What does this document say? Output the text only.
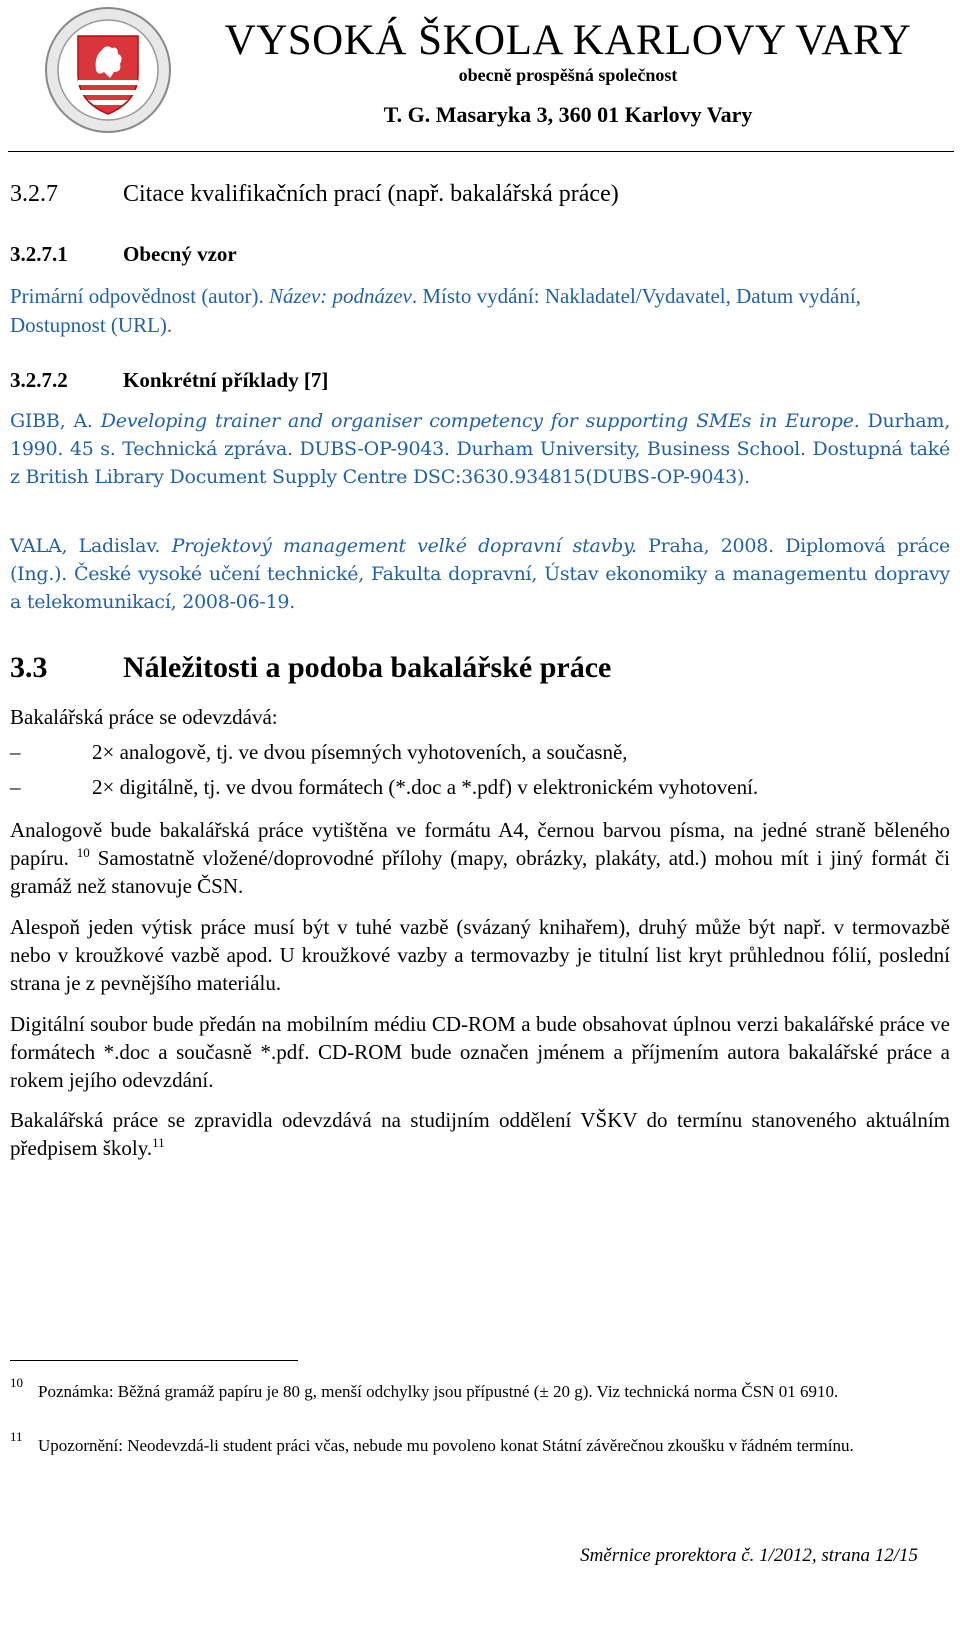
VYSOKÁ ŠKOLA KARLOVY VARY
obecně prospěšná společnost
T. G. Masaryka 3, 360 01 Karlovy Vary
3.2.7	Citace kvalifikačních prací (např. bakalářská práce)
3.2.7.1	Obecný vzor
Primární odpovědnost (autor). Název: podnázev. Místo vydání: Nakladatel/Vydavatel, Datum vydání, Dostupnost (URL).
3.2.7.2	Konkrétní příklady [7]
GIBB, A. Developing trainer and organiser competency for supporting SMEs in Europe. Durham, 1990. 45 s. Technická zpráva. DUBS-OP-9043. Durham University, Business School. Dostupná také z British Library Document Supply Centre DSC:3630.934815(DUBS-OP-9043).
VALA, Ladislav. Projektový management velké dopravní stavby. Praha, 2008. Diplomová práce (Ing.). České vysoké učení technické, Fakulta dopravní, Ústav ekonomiky a managementu dopravy a telekomunikací, 2008-06-19.
3.3	Náležitosti a podoba bakalářské práce
Bakalářská práce se odevzdává:
–	2× analogově, tj. ve dvou písemných vyhotoveních, a současně,
–	2× digitálně, tj. ve dvou formátech (*.doc a *.pdf) v elektronickém vyhotovení.
Analogově bude bakalářská práce vytištěna ve formátu A4, černou barvou písma, na jedné straně běleného papíru. $^{10}$ Samostatně vložené/doprovodné přílohy (mapy, obrázky, plakáty, atd.) mohou mít i jiný formát či gramáž než stanovuje ČSN.
Alespoň jeden výtisk práce musí být v tuhé vazbě (svázaný knihařem), druhý může být např. v termovazbě nebo v kroužkové vazbě apod. U kroužkové vazby a termovazby je titulní list kryt průhlednou fólií, poslední strana je z pevnějšího materiálu.
Digitální soubor bude předán na mobilním médiu CD-ROM a bude obsahovat úplnou verzi bakalářské práce ve formátech *.doc a současně *.pdf. CD-ROM bude označen jménem a příjmením autora bakalářské práce a rokem jejího odevzdání.
Bakalářská práce se zpravidla odevzdává na studijním oddělení VŠKV do termínu stanoveného aktuálním předpisem školy.$^{11}$
10 Poznámka: Běžná gramáž papíru je 80 g, menší odchylky jsou přípustné (± 20 g). Viz technická norma ČSN 01 6910.
11 Upozornění: Neodevzdá-li student práci včas, nebude mu povoleno konat Státní závěrečnou zkoušku v řádném termínu.
Směrnice prorektora č. 1/2012, strana 12/15
